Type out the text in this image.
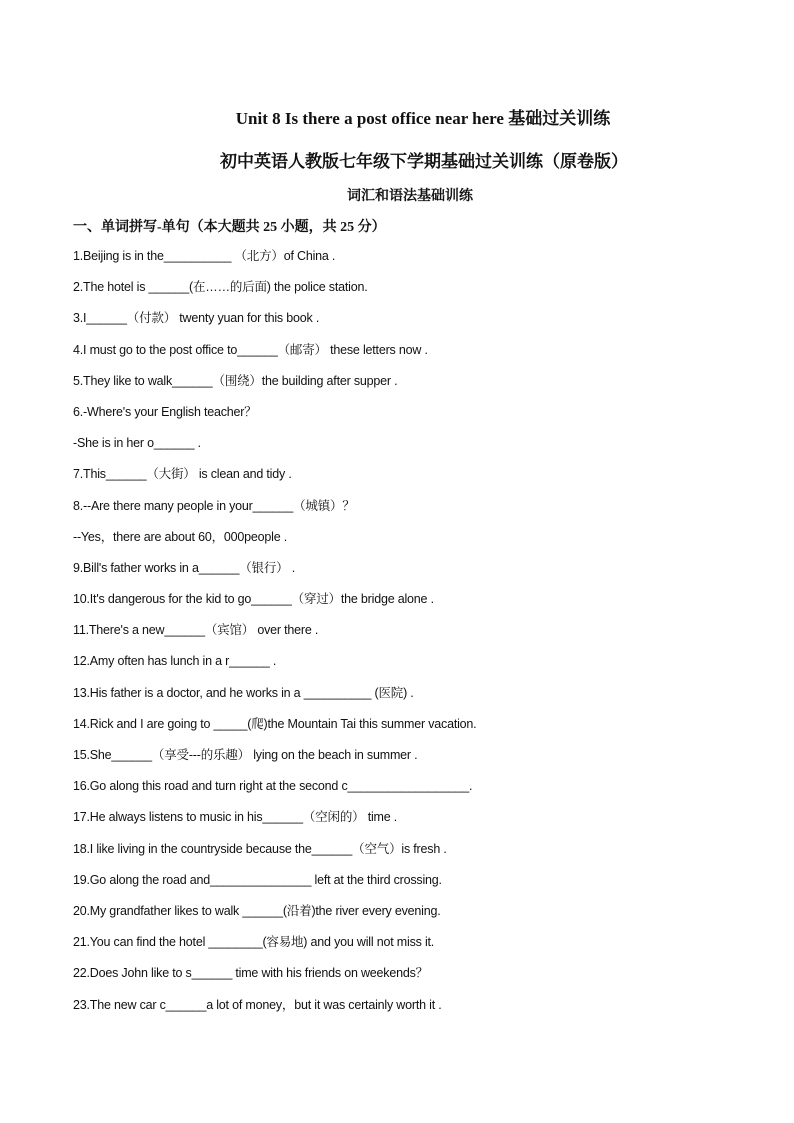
Unit 8 Is there a post office near here 基础过关训练
初中英语人教版七年级下学期基础过关训练（原卷版）
词汇和语法基础训练
一、单词拼写-单句（本大题共 25 小题，共 25 分）
1.Beijing is in the__________ （北方）of China .
2.The hotel is ______(在……的后面) the police station.
3.I______（付款） twenty yuan for this book .
4.I must go to the post office to______（邮寄） these letters now .
5.They like to walk______（围绕）the building after supper .
6.-Where's your English teacher？
-She is in her o______ .
7.This______（大街） is clean and tidy .
8.--Are there many people in your______（城镇）？
--Yes，there are about 60，000people .
9.Bill's father works in a______（银行） .
10.It's dangerous for the kid to go______（穿过）the bridge alone .
11.There's a new______（宾馆） over there .
12.Amy often has lunch in a r______ .
13.His father is a doctor, and he works in a __________ (医院) .
14.Rick and I are going to _____(爬)the Mountain Tai this summer vacation.
15.She______（享受---的乐趣） lying on the beach in summer .
16.Go along this road and turn right at the second c__________________.
17.He always listens to music in his______（空闲的） time .
18.I like living in the countryside because the______（空气）is fresh .
19.Go along the road and_______________ left at the third crossing.
20.My grandfather likes to walk ______(沿着)the river every evening.
21.You can find the hotel ________(容易地) and you will not miss it.
22.Does John like to s______ time with his friends on weekends？
23.The new car c______a lot of money，but it was certainly worth it .
